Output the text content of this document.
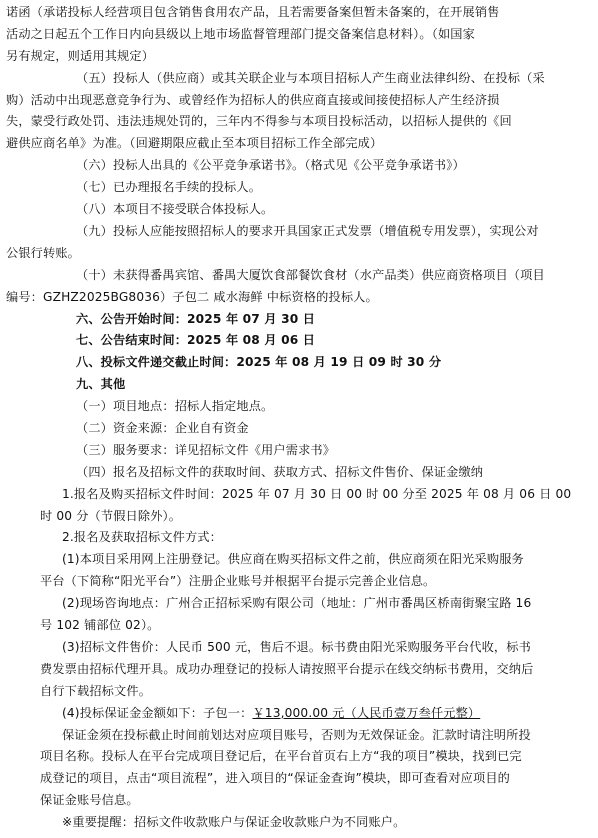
诺函（承诺投标人经营项目包含销售食用农产品，且若需要备案但暂未备案的，在开展销售
活动之日起五个工作日内向县级以上地市场监督管理部门提交备案信息材料）。（如国家
另有规定，则适用其规定）
（五）投标人（供应商）或其关联企业与本项目招标人产生商业法律纠纷、在投标（采
购）活动中出现恶意竞争行为、或曾经作为招标人的供应商直接或间接使招标人产生经济损
失，蒙受行政处罚、违法违规处罚的，三年内不得参与本项目投标活动，以招标人提供的《回
避供应商名单》为准。（回避期限应截止至本项目招标工作全部完成）
（六）投标人出具的《公平竞争承诺书》。（格式见《公平竞争承诺书》）
（七）已办理报名手续的投标人。
（八）本项目不接受联合体投标人。
（九）投标人应能按照招标人的要求开具国家正式发票（增值税专用发票），实现公对
公银行转账。
（十）未获得番禺宾馆、番禺大厦饮食部餐饮食材（水产品类）供应商资格项目（项目
编号：GZHZ2025BG8036）子包二 咸水海鲜 中标资格的投标人。
六、公告开始时间：2025 年 07 月 30 日
七、公告结束时间：2025 年 08 月 06 日
八、投标文件递交截止时间：2025 年 08 月 19 日 09 时 30 分
九、其他
（一）项目地点：招标人指定地点。
（二）资金来源：企业自有资金
（三）服务要求：详见招标文件《用户需求书》
（四）报名及招标文件的获取时间、获取方式、招标文件售价、保证金缴纳
1.报名及购买招标文件时间：2025 年 07 月 30 日 00 时 00 分至 2025 年 08 月 06 日 00
时 00 分（节假日除外）。
2.报名及获取招标文件方式：
(1)本项目采用网上注册登记。供应商在购买招标文件之前，供应商须在阳光采购服务
平台（下简称“阳光平台”）注册企业账号并根据平台提示完善企业信息。
(2)现场咨询地点：广州合正招标采购有限公司（地址：广州市番禺区桥南街聚宝路 16
号 102 铺部位 02）。
(3)招标文件售价：人民币 500 元，售后不退。标书费由阳光采购服务平台代收，标书
费发票由招标代理开具。成功办理登记的投标人请按照平台提示在线交纳标书费用，交纳后
自行下载招标文件。
(4)投标保证金金额如下：子包一：￥13,000.00 元（人民币壹万叁仟元整）
保证金须在投标截止时间前划达对应项目账号，否则为无效保证金。汇款时请注明所投
项目名称。投标人在平台完成项目登记后，在平台首页右上方“我的项目”模块，找到已完
成登记的项目，点击“项目流程”，进入项目的“保证金查询”模块，即可查看对应项目的
保证金账号信息。
※重要提醒：招标文件收款账户与保证金收款账户为不同账户。
